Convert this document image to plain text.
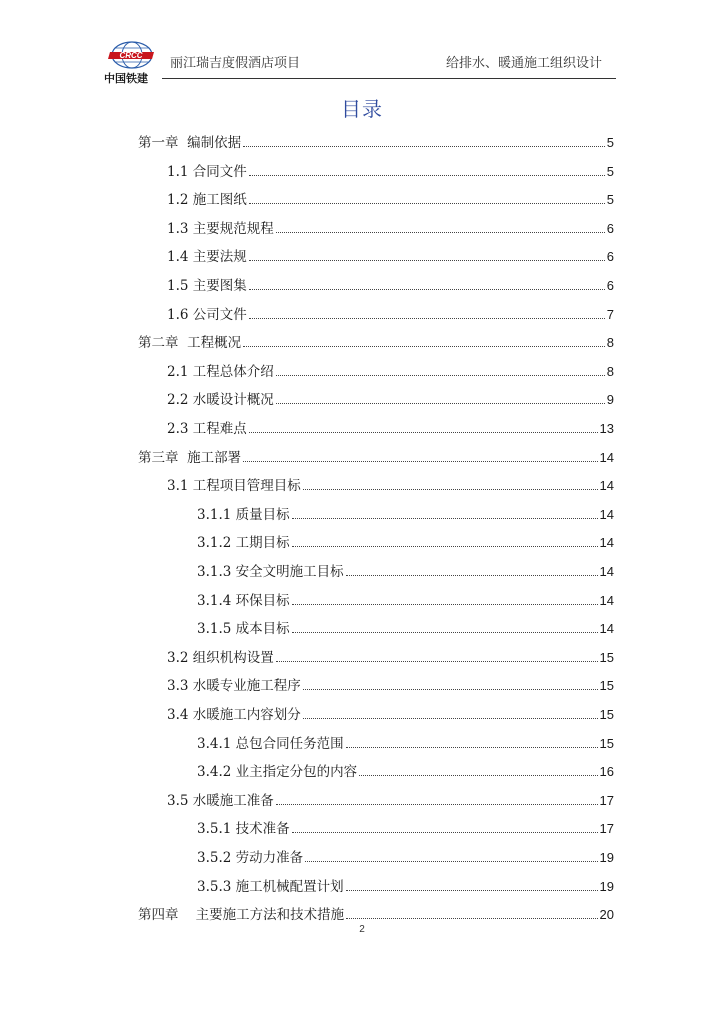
CRCC
中国铁建
丽江瑞吉度假酒店项目	给排水、暖通施工组织设计
目录
第一章  编制依据	5
1.1 合同文件	5
1.2 施工图纸	5
1.3 主要规范规程	6
1.4 主要法规	6
1.5 主要图集	6
1.6 公司文件	7
第二章  工程概况	8
2.1 工程总体介绍	8
2.2 水暖设计概况	9
2.3 工程难点	13
第三章  施工部署	14
3.1 工程项目管理目标	14
3.1.1 质量目标	14
3.1.2 工期目标	14
3.1.3 安全文明施工目标	14
3.1.4 环保目标	14
3.1.5 成本目标	14
3.2 组织机构设置	15
3.3 水暖专业施工程序	15
3.4 水暖施工内容划分	15
3.4.1 总包合同任务范围	15
3.4.2 业主指定分包的内容	16
3.5 水暖施工准备	17
3.5.1 技术准备	17
3.5.2 劳动力准备	19
3.5.3 施工机械配置计划	19
第四章    主要施工方法和技术措施	20
2
